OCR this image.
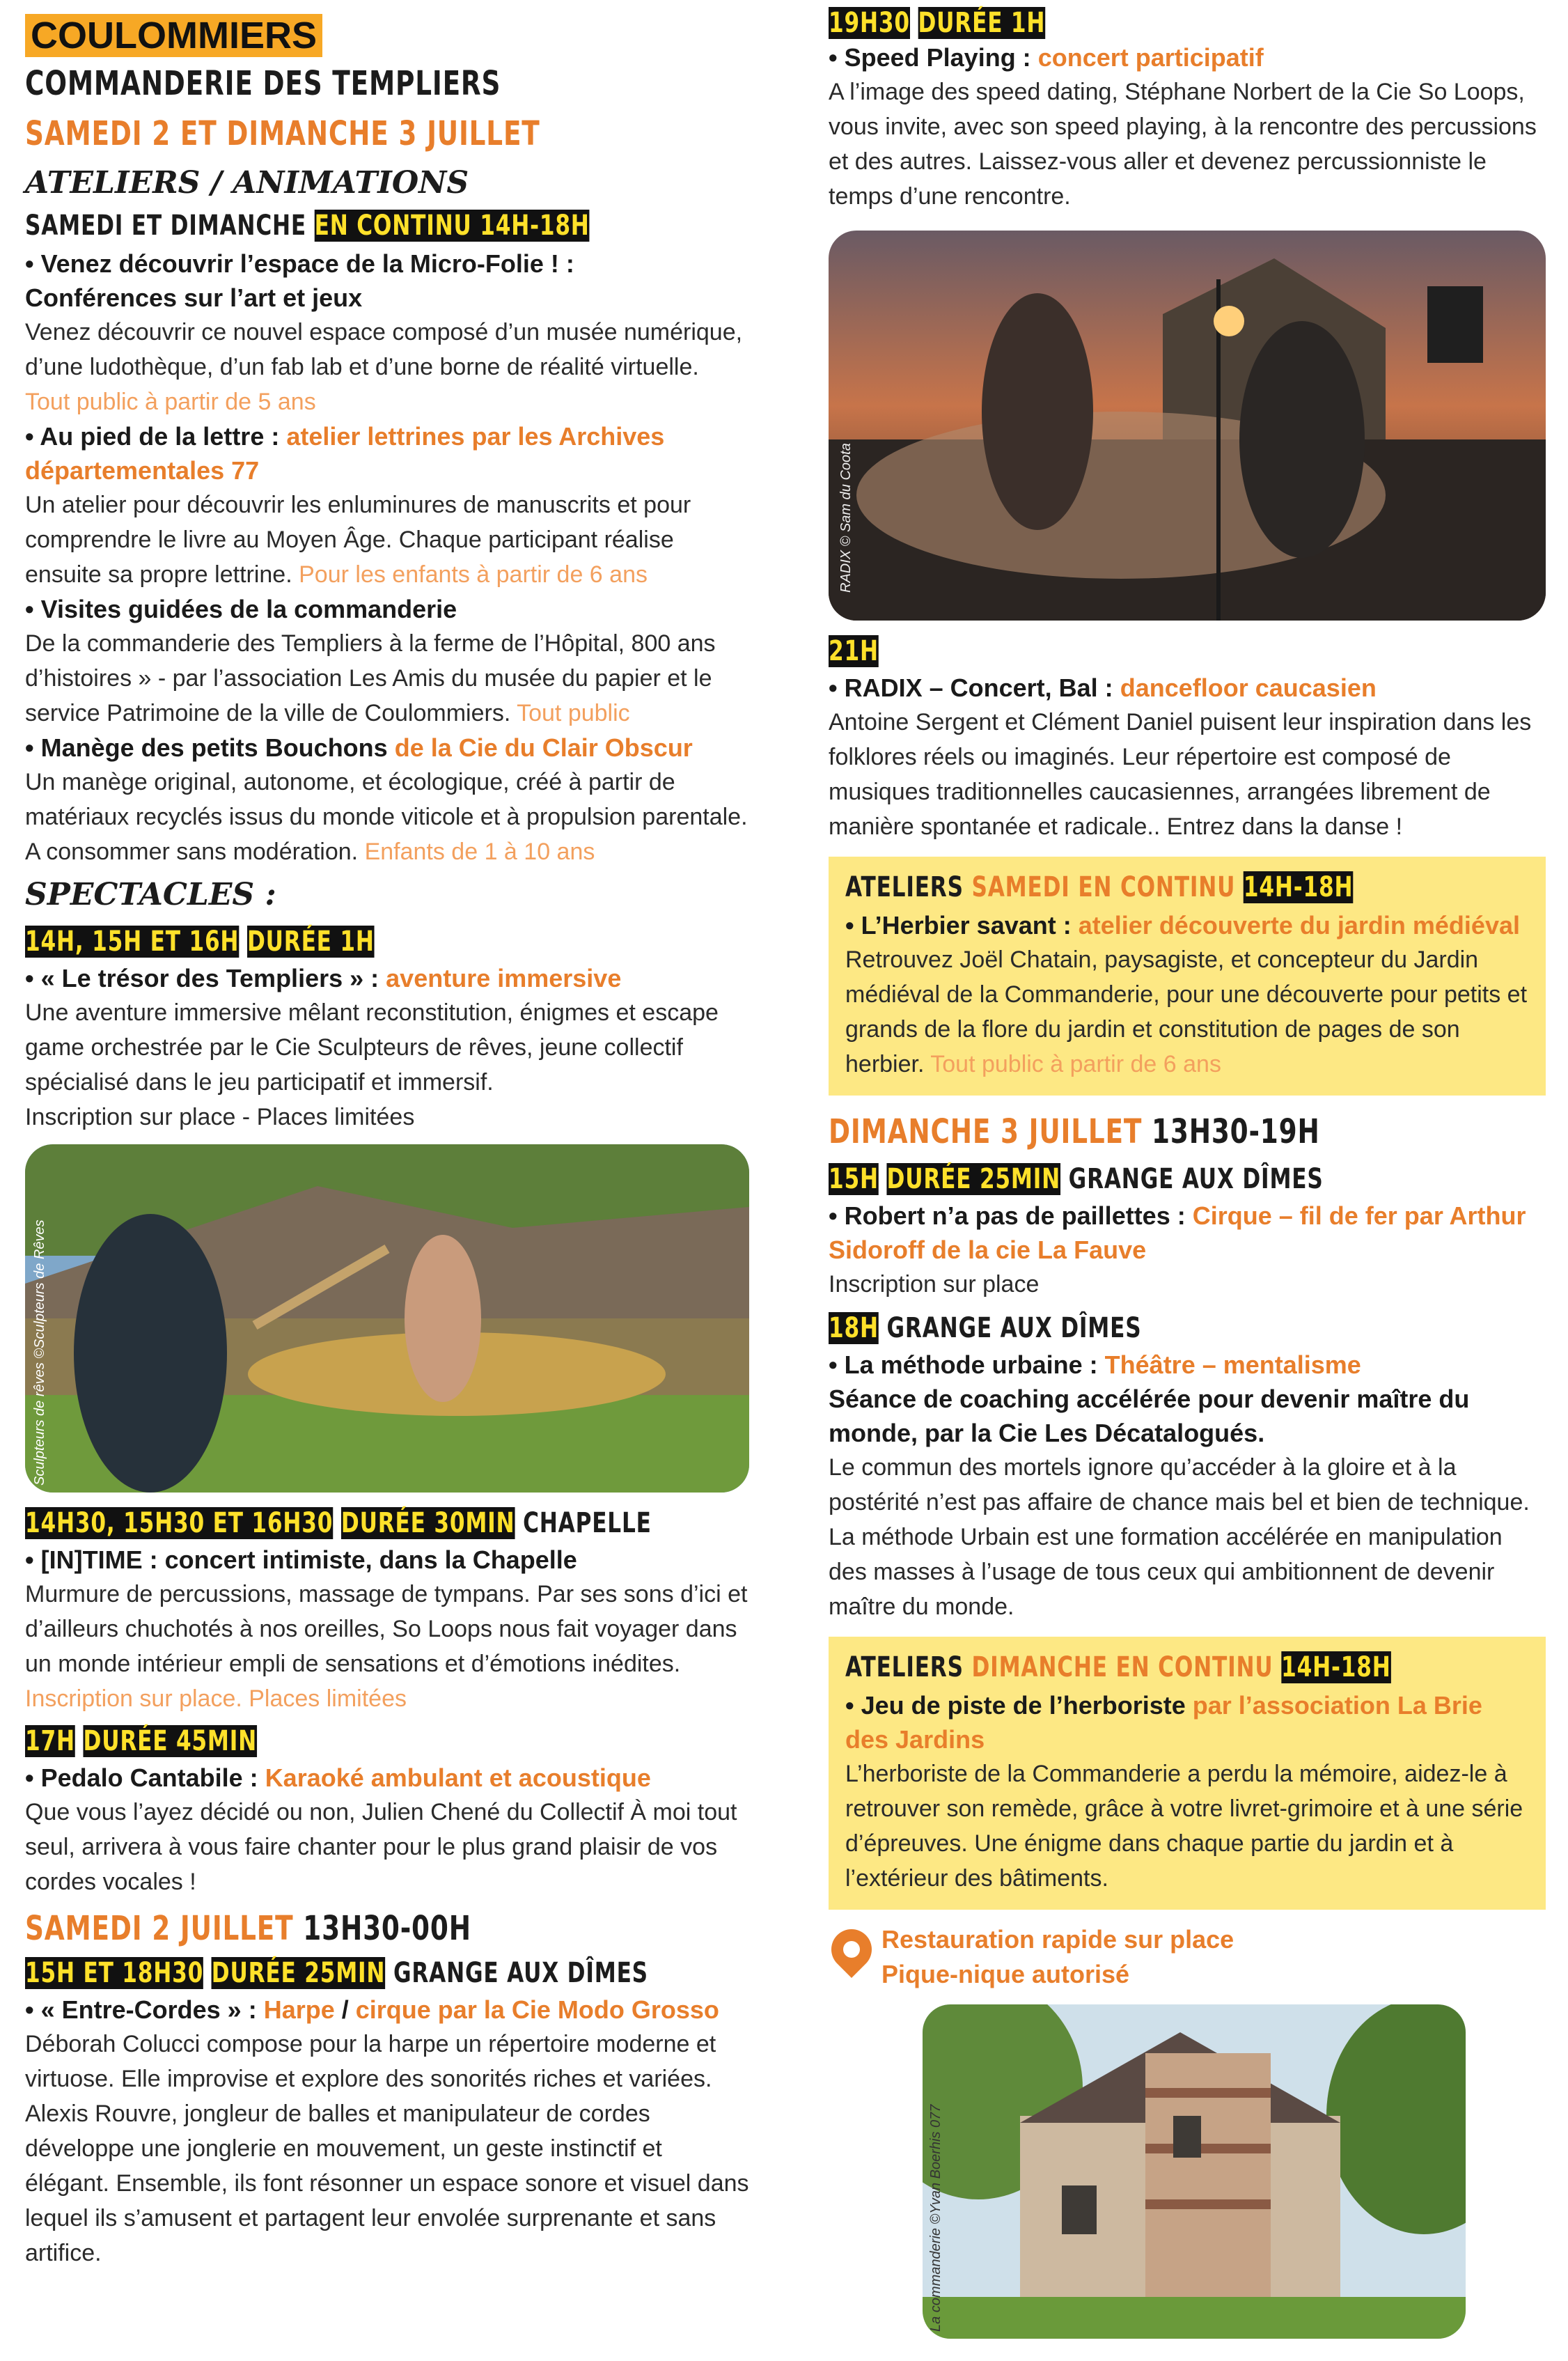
COULOMMIERS
COMMANDERIE DES TEMPLIERS
SAMEDI 2 ET DIMANCHE 3 JUILLET
ATELIERS / ANIMATIONS
SAMEDI ET DIMANCHE EN CONTINU 14H-18H
• Venez découvrir l’espace de la Micro-Folie ! :
Conférences sur l’art et jeux

Venez découvrir ce nouvel espace composé d’un musée numérique, d’une ludothèque, d’un fab lab et d’une borne de réalité virtuelle. Tout public à partir de 5 ans

• Au pied de la lettre : atelier lettrines par les Archives départementales 77

Un atelier pour découvrir les enluminures de manuscrits et pour comprendre le livre au Moyen Âge. Chaque participant réalise ensuite sa propre lettrine. Pour les enfants à partir de 6 ans

• Visites guidées de la commanderie

De la commanderie des Templiers à la ferme de l’Hôpital, 800 ans d’histoires » - par l’association Les Amis du musée du papier et le service Patrimoine de la ville de Coulommiers. Tout public

• Manège des petits Bouchons de la Cie du Clair Obscur

Un manège original, autonome, et écologique, créé à partir de matériaux recyclés issus du monde viticole et à propulsion parentale. A consommer sans modération. Enfants de 1 à 10 ans

SPECTACLES :
14H, 15H ET 16H DURÉE 1H
• « Le trésor des Templiers » : aventure immersive

Une aventure immersive mêlant reconstitution, énigmes et escape game orchestrée par le Cie Sculpteurs de rêves, jeune collectif spécialisé dans le jeu participatif et immersif.

Inscription sur place - Places limitées

Sculpteurs de rêves ©Sculpteurs de Rêves
14H30, 15H30 ET 16H30 DURÉE 30MIN CHAPELLE
• [IN]TIME : concert intimiste, dans la Chapelle

Murmure de percussions, massage de tympans. Par ses sons d’ici et d’ailleurs chuchotés à nos oreilles, So Loops nous fait voyager dans un monde intérieur empli de sensations et d’émotions inédites. Inscription sur place. Places limitées

17H DURÉE 45MIN
• Pedalo Cantabile : Karaoké ambulant et acoustique

Que vous l’ayez décidé ou non, Julien Chené du Collectif À moi tout seul, arrivera à vous faire chanter pour le plus grand plaisir de vos cordes vocales !

SAMEDI 2 JUILLET 13H30-00H
15H ET 18H30 DURÉE 25MIN GRANGE AUX DÎMES
• « Entre-Cordes » : Harpe / cirque par la Cie Modo Grosso

Déborah Colucci compose pour la harpe un répertoire moderne et virtuose. Elle improvise et explore des sonorités riches et variées. Alexis Rouvre, jongleur de balles et manipulateur de cordes développe une jonglerie en mouvement, un geste instinctif et élégant. Ensemble, ils font résonner un espace sonore et visuel dans lequel ils s’amusent et partagent leur envolée surprenante et sans artifice.

19H30 DURÉE 1H
• Speed Playing : concert participatif

A l’image des speed dating, Stéphane Norbert de la Cie So Loops, vous invite, avec son speed playing, à la rencontre des percussions et des autres. Laissez-vous aller et devenez percussionniste le temps d’une rencontre.

RADIX © Sam du Coota
21H
• RADIX – Concert, Bal : dancefloor caucasien

Antoine Sergent et Clément Daniel puisent leur inspiration dans les folklores réels ou imaginés. Leur répertoire est composé de musiques traditionnelles caucasiennes, arrangées librement de manière spontanée et radicale.. Entrez dans la danse !

ATELIERS SAMEDI EN CONTINU 14H-18H
• L’Herbier savant : atelier découverte du jardin médiéval

Retrouvez Joël Chatain, paysagiste, et concepteur du Jardin médiéval de la Commanderie, pour une découverte pour petits et grands de la flore du jardin et constitution de pages de son herbier. Tout public à partir de 6 ans

DIMANCHE 3 JUILLET 13H30-19H
15H DURÉE 25MIN GRANGE AUX DÎMES
• Robert n’a pas de paillettes : Cirque – fil de fer par Arthur Sidoroff de la cie La Fauve

Inscription sur place

18H GRANGE AUX DÎMES
• La méthode urbaine : Théâtre – mentalisme
Séance de coaching accélérée pour devenir maître du monde, par la Cie Les Décatalogués.

Le commun des mortels ignore qu’accéder à la gloire et à la postérité n’est pas affaire de chance mais bel et bien de technique. La méthode Urbain est une formation accélérée en manipulation des masses à l’usage de tous ceux qui ambitionnent de devenir maître du monde.

ATELIERS DIMANCHE EN CONTINU 14H-18H
• Jeu de piste de l’herboriste par l’association La Brie des Jardins

L’herboriste de la Commanderie a perdu la mémoire, aidez-le à retrouver son remède, grâce à votre livret-grimoire et à une série d’épreuves. Une énigme dans chaque partie du jardin et à l’extérieur des bâtiments.

Restauration rapide sur place
Pique-nique autorisé
La commanderie ©Yvan Boerhis 077
